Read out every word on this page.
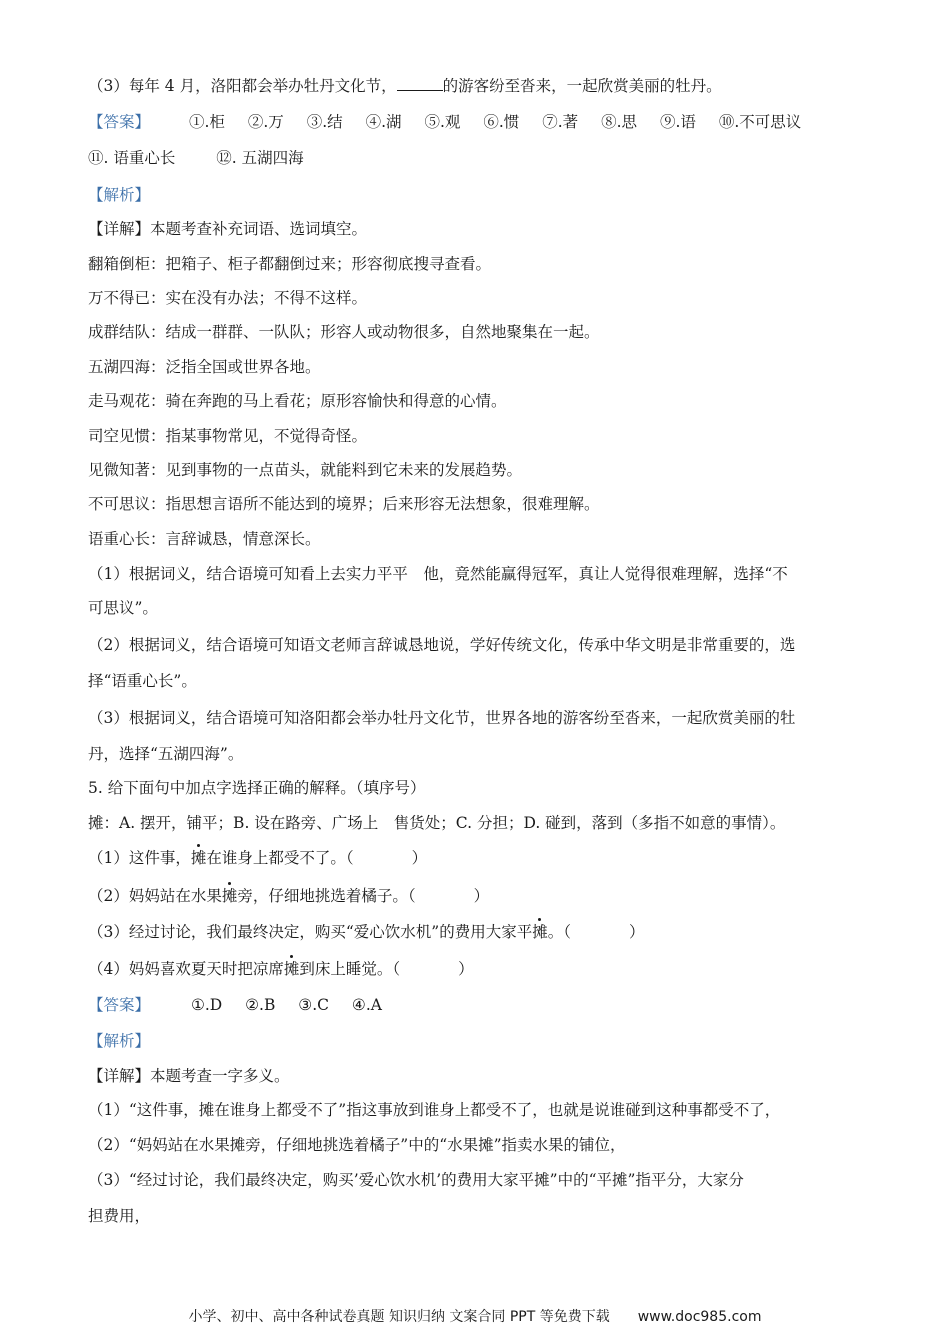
（3）每年 4 月，洛阳都会举办牡丹文化节，	的游客纷至沓来，一起欣赏美丽的牡丹。
【答案】	①.柜 ②.万 ③.结 ④.湖 ⑤.观 ⑥.惯 ⑦.著 ⑧.思 ⑨.语 ⑩.不可思议
⑪. 语重心长	⑫. 五湖四海
【解析】
【详解】本题考查补充词语、选词填空。
翻箱倒柜：把箱子、柜子都翻倒过来；形容彻底搜寻查看。
万不得已：实在没有办法；不得不这样。
成群结队：结成一群群、一队队；形容人或动物很多，自然地聚集在一起。
五湖四海：泛指全国或世界各地。
走马观花：骑在奔跑的马上看花；原形容愉快和得意的心情。
司空见惯：指某事物常见，不觉得奇怪。
见微知著：见到事物的一点苗头，就能料到它未来的发展趋势。
不可思议：指思想言语所不能达到的境界；后来形容无法想象，很难理解。
语重心长：言辞诚恳，情意深长。
（1）根据词义，结合语境可知看上去实力平平　他，竟然能赢得冠军，真让人觉得很难理解，选择“不
可思议”。
（2）根据词义，结合语境可知语文老师言辞诚恳地说，学好传统文化，传承中华文明是非常重要的，选
择“语重心长”。
（3）根据词义，结合语境可知洛阳都会举办牡丹文化节，世界各地的游客纷至沓来，一起欣赏美丽的牡
丹，选择“五湖四海”。
5. 给下面句中加点字选择正确的解释。（填序号）
摊：A. 摆开，铺平；B. 设在路旁、广场上　售货处；C. 分担；D. 碰到，落到（多指不如意的事情）。
（1）这件事，摊在谁身上都受不了。（	）
（2）妈妈站在水果摊旁，仔细地挑选着橘子。（	）
（3）经过讨论，我们最终决定，购买“爱心饮水机”的费用大家平摊。（	）
（4）妈妈喜欢夏天时把凉席摊到床上睡觉。（	）
【答案】	①.D ②.B ③.C ④.A
【解析】
【详解】本题考查一字多义。
（1）“这件事，摊在谁身上都受不了”指这事放到谁身上都受不了，也就是说谁碰到这种事都受不了，
（2）“妈妈站在水果摊旁，仔细地挑选着橘子”中的“水果摊”指卖水果的铺位，
（3）“经过讨论，我们最终决定，购买’爱心饮水机’的费用大家平摊”中的“平摊”指平分，大家分
担费用，
小学、初中、高中各种试卷真题 知识归纳 文案合同 PPT 等免费下载　　www.doc985.com
